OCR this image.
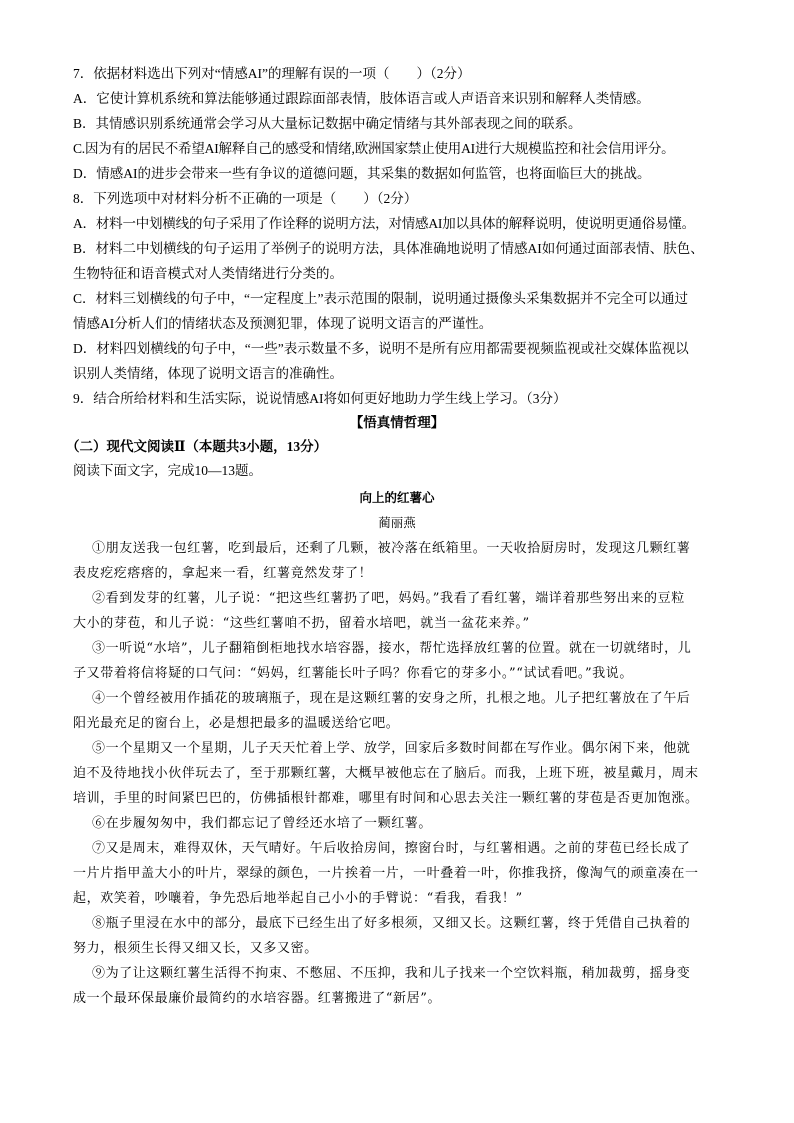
7．依据材料选出下列对“情感AI”的理解有误的一项（　　）（2分）
A．它使计算机系统和算法能够通过跟踪面部表情，肢体语言或人声语音来识别和解释人类情感。
B．其情感识别系统通常会学习从大量标记数据中确定情绪与其外部表现之间的联系。
C.因为有的居民不希望AI解释自己的感受和情绪,欧洲国家禁止使用AI进行大规模监控和社会信用评分。
D．情感AI的进步会带来一些有争议的道德问题，其采集的数据如何监管，也将面临巨大的挑战。
8．下列选项中对材料分析不正确的一项是（　　）（2分）
A．材料一中划横线的句子采用了作诠释的说明方法，对情感AI加以具体的解释说明，使说明更通俗易懂。
B．材料二中划横线的句子运用了举例子的说明方法，具体准确地说明了情感AI如何通过面部表情、肤色、
生物特征和语音模式对人类情绪进行分类的。
C．材料三划横线的句子中，“一定程度上”表示范围的限制，说明通过摄像头采集数据并不完全可以通过
情感AI分析人们的情绪状态及预测犯罪，体现了说明文语言的严谨性。
D．材料四划横线的句子中，“一些”表示数量不多，说明不是所有应用都需要视频监视或社交媒体监视以
识别人类情绪，体现了说明文语言的准确性。
9．结合所给材料和生活实际，说说情感AI将如何更好地助力学生线上学习。（3分）
【悟真情哲理】
（二）现代文阅读Ⅱ（本题共3小题，13分）
阅读下面文字，完成10—13题。
向上的红薯心
蔺丽燕
①朋友送我一包红薯，吃到最后，还剩了几颗，被冷落在纸箱里。一天收拾厨房时，发现这几颗红薯
表皮疙疙瘩瘩的，拿起来一看，红薯竟然发芽了！
②看到发芽的红薯，儿子说：“把这些红薯扔了吧，妈妈。”我看了看红薯，端详着那些努出来的豆粒
大小的芽苞，和儿子说：“这些红薯咱不扔，留着水培吧，就当一盆花来养。”
③一听说“水培”，儿子翻箱倒柜地找水培容器，接水，帮忙选择放红薯的位置。就在一切就绪时，儿
子又带着将信将疑的口气问：“妈妈，红薯能长叶子吗？你看它的芽多小。”“试试看吧。”我说。
④一个曾经被用作插花的玻璃瓶子，现在是这颗红薯的安身之所，扎根之地。儿子把红薯放在了午后
阳光最充足的窗台上，必是想把最多的温暖送给它吧。
⑤一个星期又一个星期，儿子天天忙着上学、放学，回家后多数时间都在写作业。偶尔闲下来，他就
迫不及待地找小伙伴玩去了，至于那颗红薯，大概早被他忘在了脑后。而我，上班下班，被星戴月，周末
培训，手里的时间紧巴巴的，仿佛插根针都难，哪里有时间和心思去关注一颗红薯的芽苞是否更加饱涨。
⑥在步履匆匆中，我们都忘记了曾经还水培了一颗红薯。
⑦又是周末，难得双休，天气晴好。午后收拾房间，擦窗台时，与红薯相遇。之前的芽苞已经长成了
一片片指甲盖大小的叶片，翠绿的颜色，一片挨着一片，一叶叠着一叶，你推我挤，像淘气的顽童凑在一
起，欢笑着，吵嚷着，争先恐后地举起自己小小的手臂说：“看我，看我！”
⑧瓶子里浸在水中的部分，最底下已经生出了好多根须，又细又长。这颗红薯，终于凭借自己执着的
努力，根须生长得又细又长，又多又密。
⑨为了让这颗红薯生活得不拘束、不憋屈、不压抑，我和儿子找来一个空饮料瓶，稍加裁剪，摇身变
成一个最环保最廉价最简约的水培容器。红薯搬进了“新居”。
